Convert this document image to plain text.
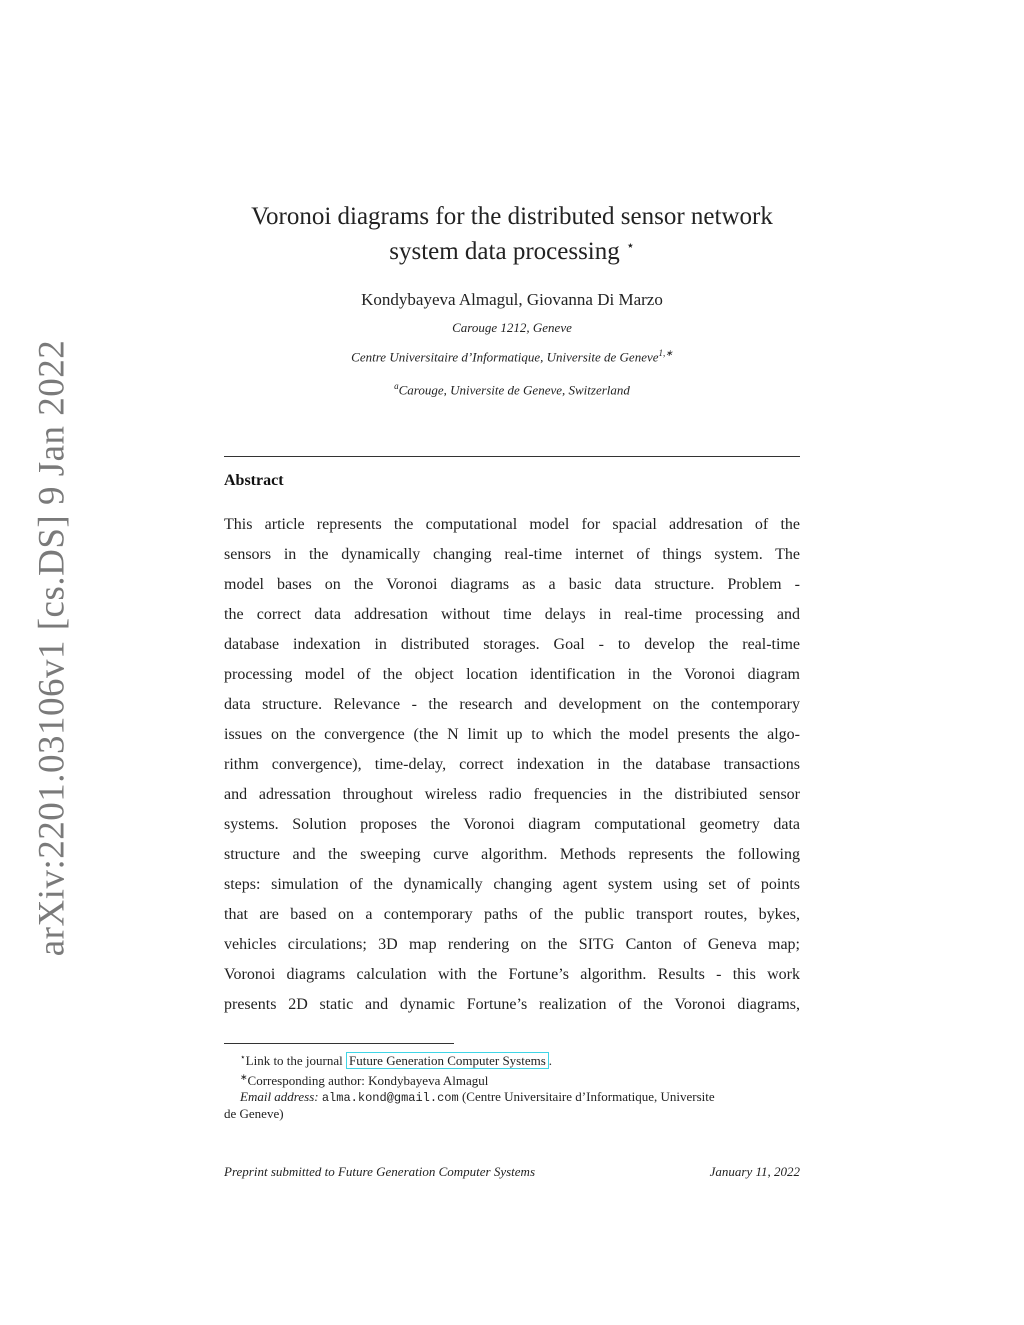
arXiv:2201.03106v1 [cs.DS] 9 Jan 2022
Voronoi diagrams for the distributed sensor network
system data processing ⋆
Kondybayeva Almagul, Giovanna Di Marzo
Carouge 1212, Geneve
Centre Universitaire d’Informatique, Universite de Geneve$^{1,∗}$
$^a$Carouge, Universite de Geneve, Switzerland
Abstract
This article represents the computational model for spacial addresation of the
sensors in the dynamically changing real-time internet of things system. The
model bases on the Voronoi diagrams as a basic data structure. Problem -
the correct data addresation without time delays in real-time processing and
database indexation in distributed storages. Goal - to develop the real-time
processing model of the object location identification in the Voronoi diagram
data structure. Relevance - the research and development on the contemporary
issues on the convergence (the N limit up to which the model presents the algo-
rithm convergence), time-delay, correct indexation in the database transactions
and adressation throughout wireless radio frequencies in the distribiuted sensor
systems. Solution proposes the Voronoi diagram computational geometry data
structure and the sweeping curve algorithm. Methods represents the following
steps: simulation of the dynamically changing agent system using set of points
that are based on a contemporary paths of the public transport routes, bykes,
vehicles circulations; 3D map rendering on the SITG Canton of Geneva map;
Voronoi diagrams calculation with the Fortune’s algorithm. Results - this work
presents 2D static and dynamic Fortune’s realization of the Voronoi diagrams,
⋆Link to the journal Future Generation Computer Systems .
∗Corresponding author: Kondybayeva Almagul
Email address: alma.kond@gmail.com (Centre Universitaire d’Informatique, Universite
de Geneve)
Preprint submitted to Future Generation Computer Systems	January 11, 2022
